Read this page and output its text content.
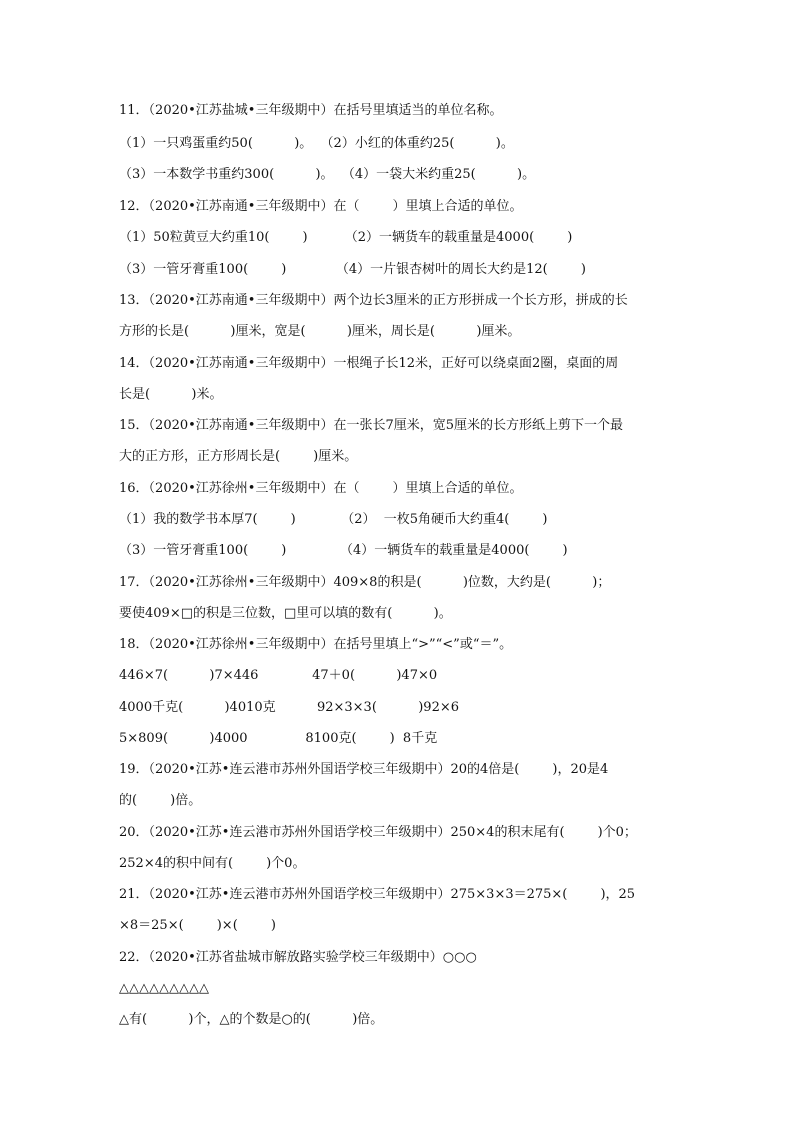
11．（2020•江苏盐城•三年级期中）在括号里填适当的单位名称。
（1）一只鸡蛋重约50(          )。  （2）小红的体重约25(          )。
（3）一本数学书重约300(          )。  （4）一袋大米约重25(          )。
12．（2020•江苏南通•三年级期中）在（        ）里填上合适的单位。
（1）50粒黄豆大约重10(        )         （2）一辆货车的载重量是4000(        )
（3）一管牙膏重100(        )            （4）一片银杏树叶的周长大约是12(        )
13．（2020•江苏南通•三年级期中）两个边长3厘米的正方形拼成一个长方形，拼成的长
方形的长是(          )厘米，宽是(          )厘米，周长是(          )厘米。
14．（2020•江苏南通•三年级期中）一根绳子长12米，正好可以绕桌面2圈，桌面的周
长是(          )米。
15．（2020•江苏南通•三年级期中）在一张长7厘米，宽5厘米的长方形纸上剪下一个最
大的正方形，正方形周长是(        )厘米。
16．（2020•江苏徐州•三年级期中）在（        ）里填上合适的单位。
（1）我的数学书本厚7(        )           （2）  一枚5角硬币大约重4(        )
（3）一管牙膏重100(        )             （4）一辆货车的载重量是4000(        )
17．（2020•江苏徐州•三年级期中）409×8的积是(          )位数，大约是(          )；
要使409×□的积是三位数，□里可以填的数有(          )。
18．（2020•江苏徐州•三年级期中）在括号里填上“>”“<”或“＝”。
446×7(          )7×446             47＋0(          )47×0
4000千克(          )4010克          92×3×3(          )92×6
5×809(          )4000              8100克(        )  8千克
19．（2020•江苏•连云港市苏州外国语学校三年级期中）20的4倍是(        )，20是4
的(        )倍。
20．（2020•江苏•连云港市苏州外国语学校三年级期中）250×4的积末尾有(        )个0；
252×4的积中间有(        )个0。
21．（2020•江苏•连云港市苏州外国语学校三年级期中）275×3×3＝275×(        )，25
×8＝25×(        )×(        )
22．（2020•江苏省盐城市解放路实验学校三年级期中）○○○
△△△△△△△△△
△有(          )个，△的个数是○的(          )倍。
